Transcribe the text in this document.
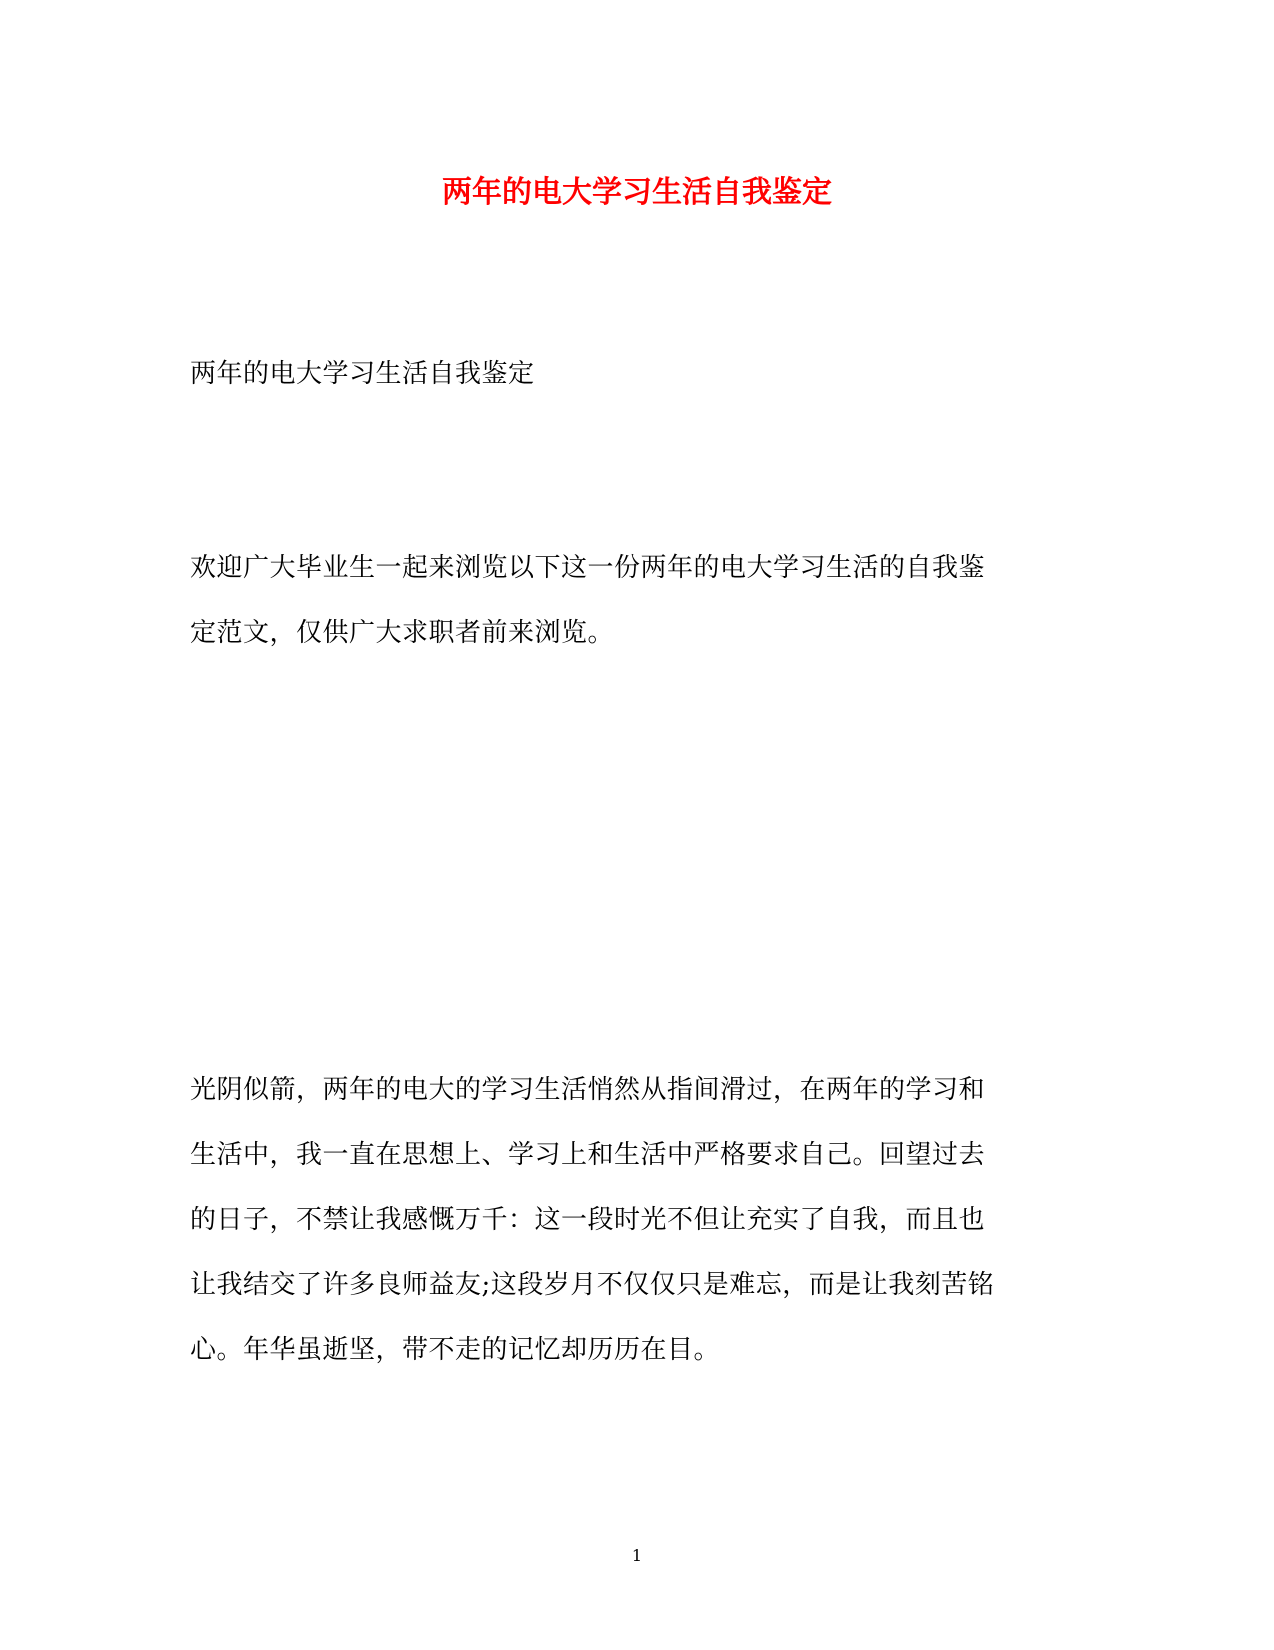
两年的电大学习生活自我鉴定

两年的电大学习生活自我鉴定

欢迎广大毕业生一起来浏览以下这一份两年的电大学习生活的自我鉴
定范文，仅供广大求职者前来浏览。

光阴似箭，两年的电大的学习生活悄然从指间滑过，在两年的学习和
生活中，我一直在思想上、学习上和生活中严格要求自己。回望过去
的日子，不禁让我感慨万千：这一段时光不但让充实了自我，而且也
让我结交了许多良师益友;这段岁月不仅仅只是难忘，而是让我刻苦铭
心。年华虽逝坚，带不走的记忆却历历在目。

1
